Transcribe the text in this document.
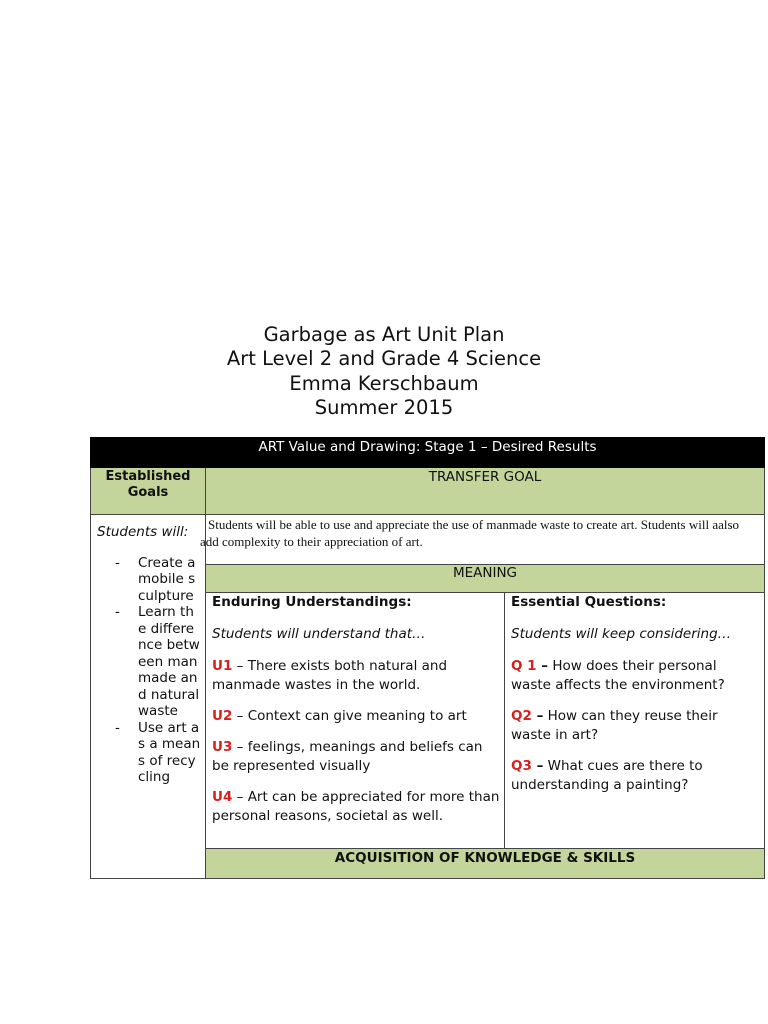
Garbage as Art Unit Plan
Art Level 2 and Grade 4 Science
Emma Kerschbaum
Summer 2015
ART Value and Drawing: Stage 1 – Desired Results
Established Goals
TRANSFER GOAL
Students will:
- Create a mobile sculpture
- Learn the difference between manmade and natural waste
- Use art as a means of recycling
Students will be able to use and appreciate the use of manmade waste to create art. Students will aalso add complexity to their appreciation of art.
MEANING
Enduring Understandings:
Students will understand that…
U1 – There exists both natural and manmade wastes in the world.
U2 – Context can give meaning to art
U3 – feelings, meanings and beliefs can be represented visually
U4 – Art can be appreciated for more than personal reasons, societal as well.
Essential Questions:
Students will keep considering…
Q 1 – How does their personal waste affects the environment?
Q2 – How can they reuse their waste in art?
Q3 – What cues are there to understanding a painting?
ACQUISITION OF KNOWLEDGE & SKILLS
